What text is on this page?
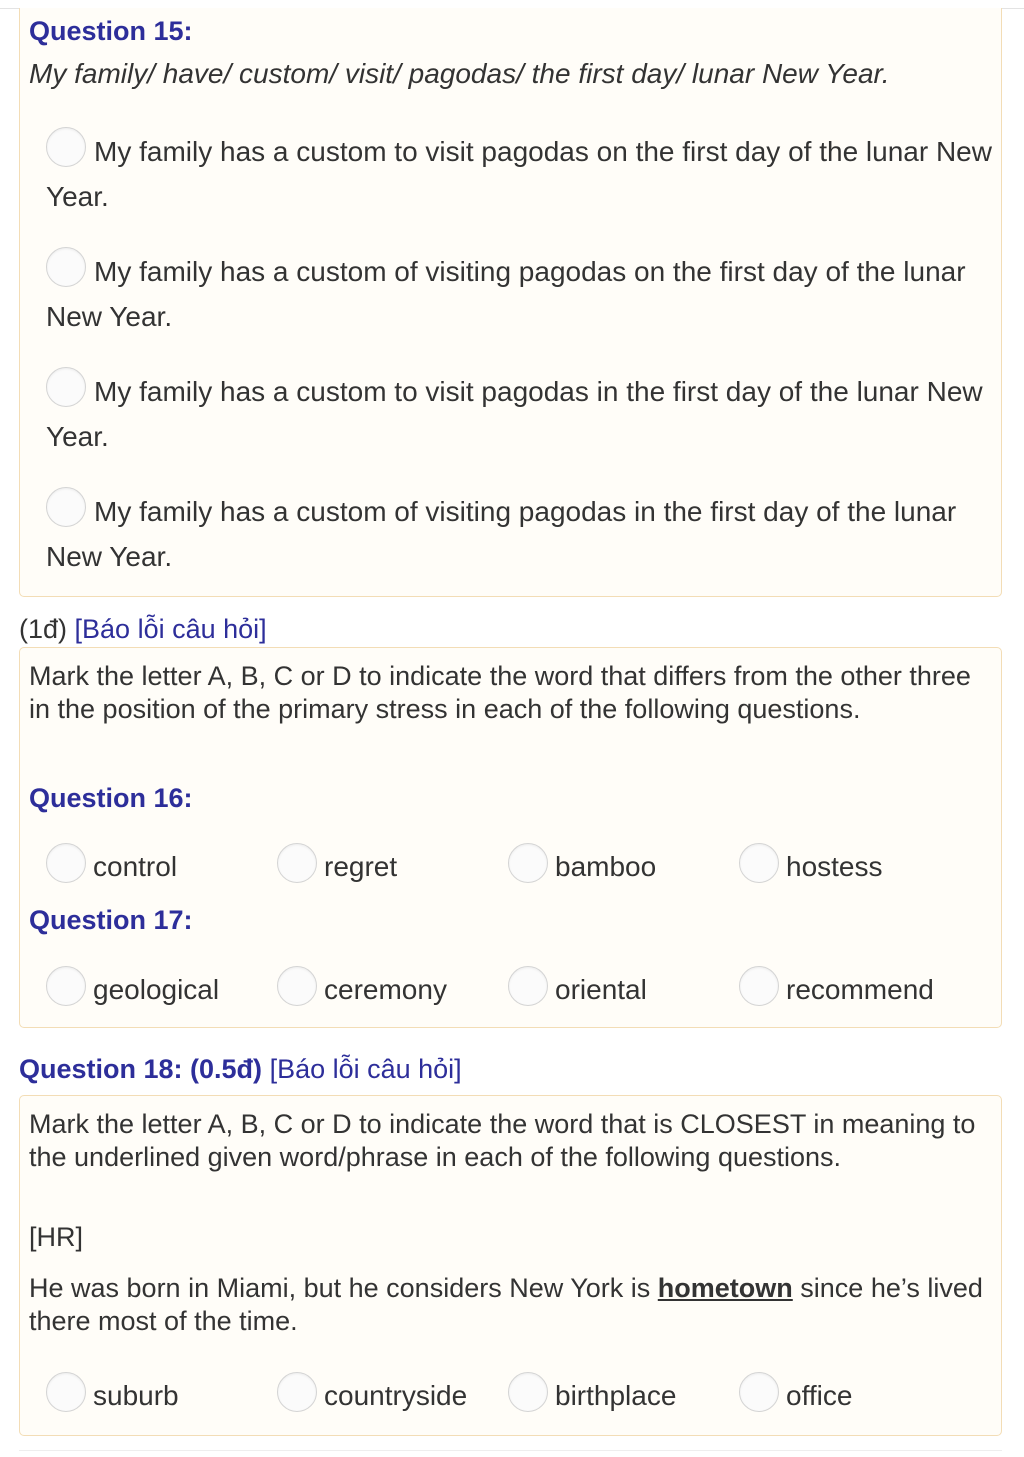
Question 15:
My family/ have/ custom/ visit/ pagodas/ the first day/ lunar New Year.
My family has a custom to visit pagodas on the first day of the lunar New Year.
My family has a custom of visiting pagodas on the first day of the lunar New Year.
My family has a custom to visit pagodas in the first day of the lunar New Year.
My family has a custom of visiting pagodas in the first day of the lunar New Year.
(1đ) [Báo lỗi câu hỏi]
Mark the letter A, B, C or D to indicate the word that differs from the other three in the position of the primary stress in each of the following questions.
Question 16:
control	regret	bamboo	hostess
Question 17:
geological	ceremony	oriental	recommend
Question 18: (0.5đ) [Báo lỗi câu hỏi]
Mark the letter A, B, C or D to indicate the word that is CLOSEST in meaning to the underlined given word/phrase in each of the following questions.
[HR]
He was born in Miami, but he considers New York is hometown since he’s lived there most of the time.
suburb	countryside	birthplace	office
